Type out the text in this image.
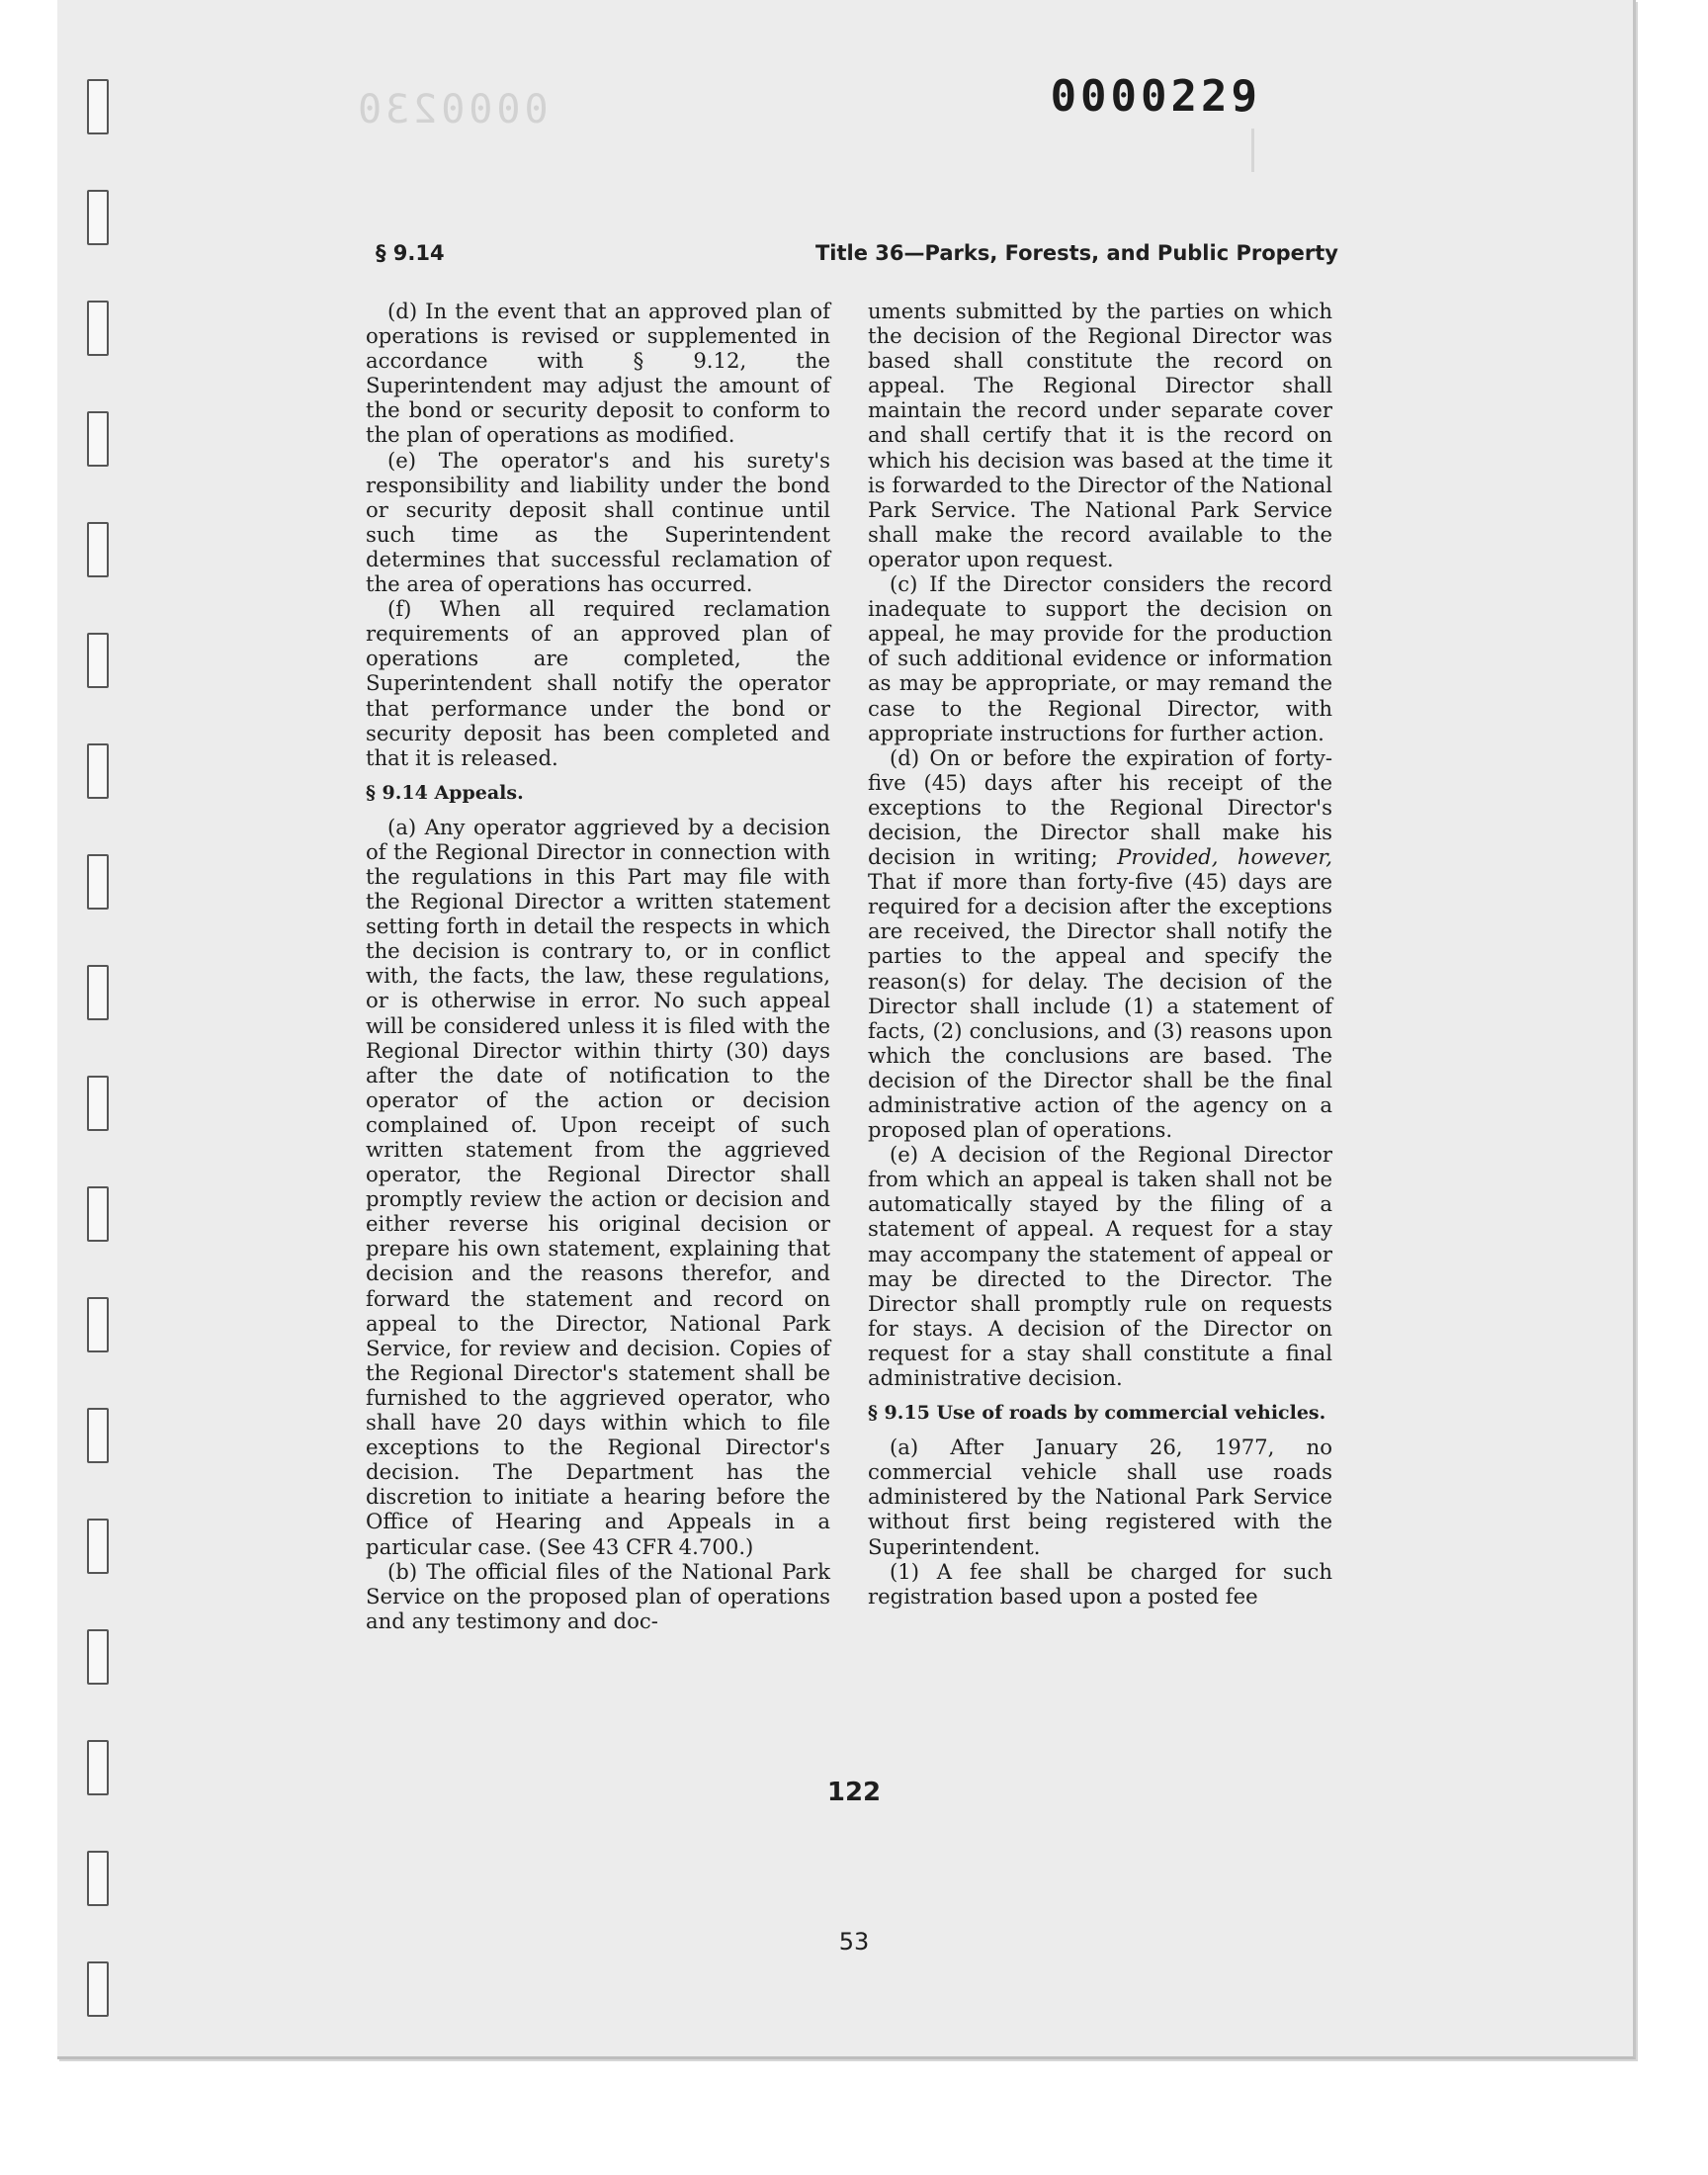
0000230	0000229
§ 9.14	Title 36—Parks, Forests, and Public Property

(d) In the event that an approved plan of operations is revised or supplemented in accordance with § 9.12, the Superintendent may adjust the amount of the bond or security deposit to conform to the plan of operations as modified.

(e) The operator's and his surety's responsibility and liability under the bond or security deposit shall continue until such time as the Superintendent determines that successful reclamation of the area of operations has occurred.

(f) When all required reclamation requirements of an approved plan of operations are completed, the Superintendent shall notify the operator that performance under the bond or security deposit has been completed and that it is released.

§ 9.14 Appeals.

(a) Any operator aggrieved by a decision of the Regional Director in connection with the regulations in this Part may file with the Regional Director a written statement setting forth in detail the respects in which the decision is contrary to, or in conflict with, the facts, the law, these regulations, or is otherwise in error. No such appeal will be considered unless it is filed with the Regional Director within thirty (30) days after the date of notification to the operator of the action or decision complained of. Upon receipt of such written statement from the aggrieved operator, the Regional Director shall promptly review the action or decision and either reverse his original decision or prepare his own statement, explaining that decision and the reasons therefor, and forward the statement and record on appeal to the Director, National Park Service, for review and decision. Copies of the Regional Director's statement shall be furnished to the aggrieved operator, who shall have 20 days within which to file exceptions to the Regional Director's decision. The Department has the discretion to initiate a hearing before the Office of Hearing and Appeals in a particular case. (See 43 CFR 4.700.)

(b) The official files of the National Park Service on the proposed plan of operations and any testimony and doc-

uments submitted by the parties on which the decision of the Regional Director was based shall constitute the record on appeal. The Regional Director shall maintain the record under separate cover and shall certify that it is the record on which his decision was based at the time it is forwarded to the Director of the National Park Service. The National Park Service shall make the record available to the operator upon request.

(c) If the Director considers the record inadequate to support the decision on appeal, he may provide for the production of such additional evidence or information as may be appropriate, or may remand the case to the Regional Director, with appropriate instructions for further action.

(d) On or before the expiration of forty-five (45) days after his receipt of the exceptions to the Regional Director's decision, the Director shall make his decision in writing; Provided, however, That if more than forty-five (45) days are required for a decision after the exceptions are received, the Director shall notify the parties to the appeal and specify the reason(s) for delay. The decision of the Director shall include (1) a statement of facts, (2) conclusions, and (3) reasons upon which the conclusions are based. The decision of the Director shall be the final administrative action of the agency on a proposed plan of operations.

(e) A decision of the Regional Director from which an appeal is taken shall not be automatically stayed by the filing of a statement of appeal. A request for a stay may accompany the statement of appeal or may be directed to the Director. The Director shall promptly rule on requests for stays. A decision of the Director on request for a stay shall constitute a final administrative decision.

§ 9.15 Use of roads by commercial vehicles.

(a) After January 26, 1977, no commercial vehicle shall use roads administered by the National Park Service without first being registered with the Superintendent.

(1) A fee shall be charged for such registration based upon a posted fee

122
53
